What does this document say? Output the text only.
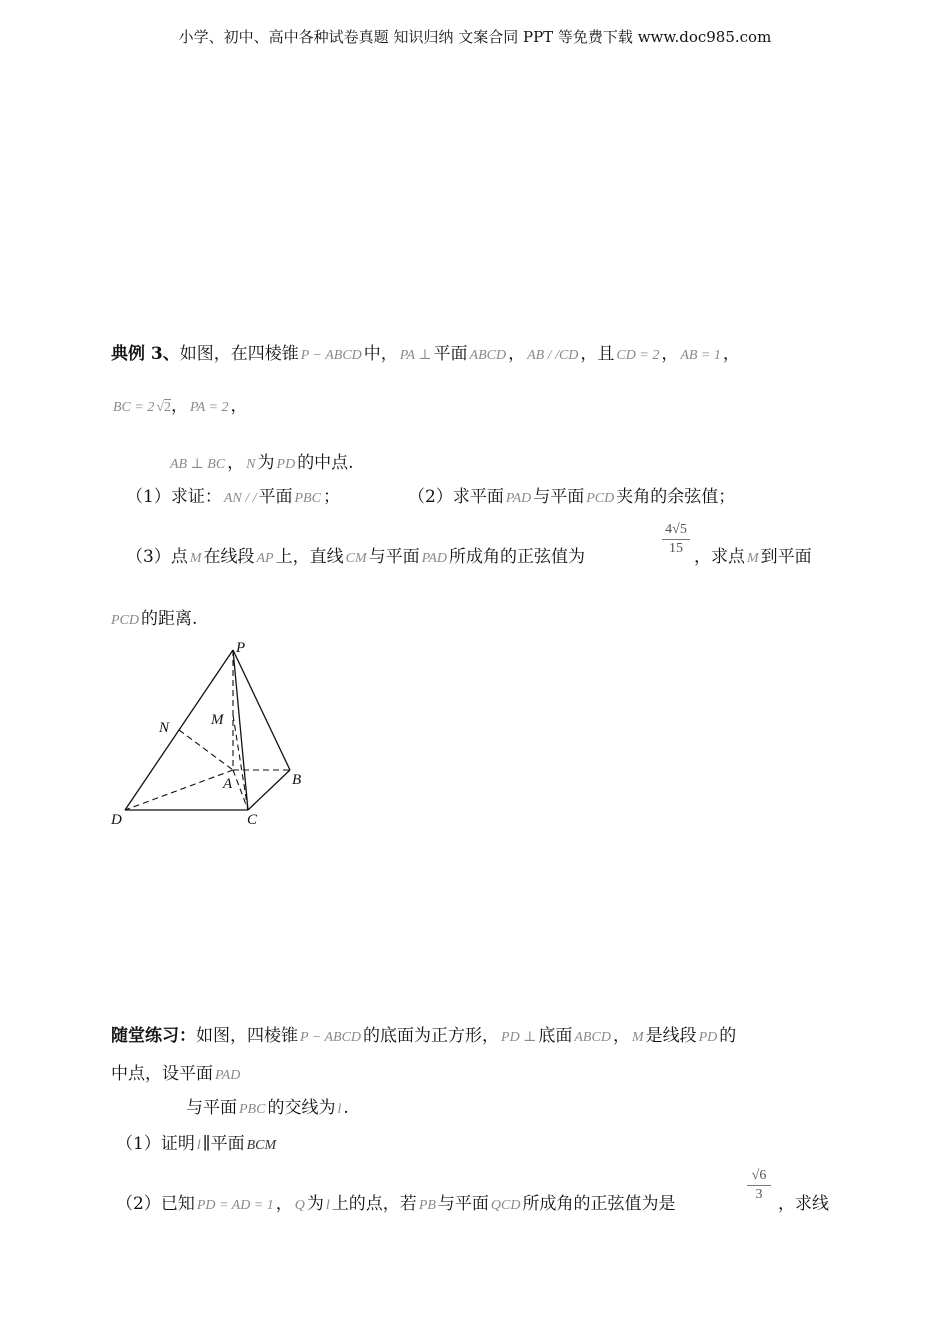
小学、初中、高中各种试卷真题 知识归纳 文案合同 PPT 等免费下载 www.doc985.com
典例 3、如图，在四棱锥 P − ABCD 中， PA ⊥ 平面 ABCD ， AB / /CD ，且 CD = 2 ， AB = 1 ，
BC = 2 √2， PA = 2 ，
AB ⊥ BC ， N 为 PD 的中点.
（1）求证： AN / / 平面 PBC ；	（2）求平面 PAD 与平面 PCD 夹角的余弦值；
（3）点 M 在线段 AP 上，直线 CM 与平面 PAD 所成角的正弦值为
4√5
15 ，求点 M 到平面
PCD 的距离.
P
M
N
A	B
C
D
随堂练习：如图，四棱锥 P − ABCD 的底面为正方形， PD ⊥ 底面 ABCD ， M 是线段 PD 的
中点，设平面 PAD
与平面 PBC 的交线为 l .
（1）证明 l ∥平面 BCM
（2）已知 PD = AD = 1 ， Q 为 l 上的点，若 PB 与平面 QCD 所成角的正弦值为是
√6
3 ，求线
